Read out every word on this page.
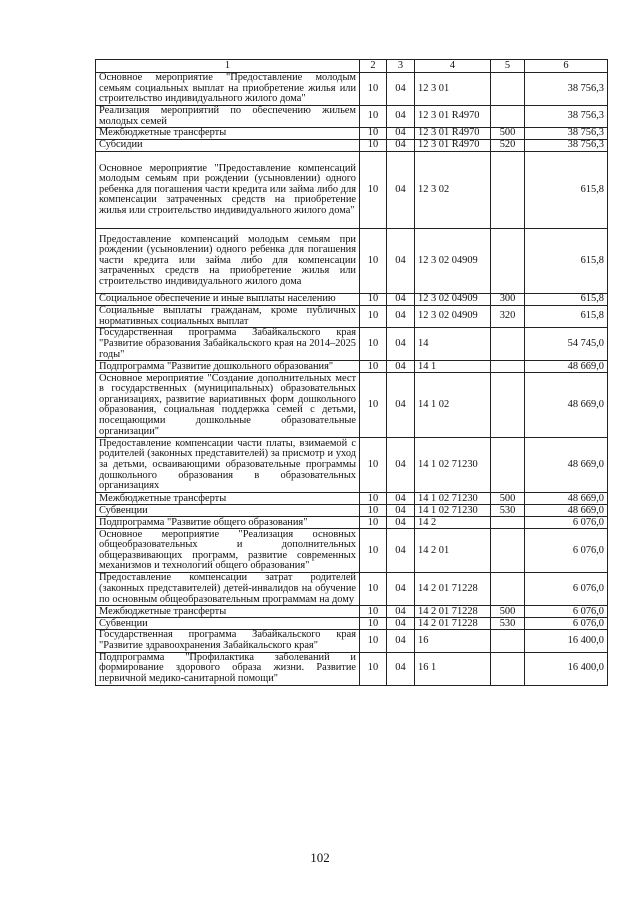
1	2	3	4	5	6
Основное мероприятие "Предоставление молодым семьям социальных выплат на приобретение жилья или строительство индивидуального жилого дома"	10	04	12 3 01		38 756,3
Реализация мероприятий по обеспечению жильем молодых семей	10	04	12 3 01 R4970		38 756,3
Межбюджетные трансферты	10	04	12 3 01 R4970	500	38 756,3
Субсидии	10	04	12 3 01 R4970	520	38 756,3
Основное мероприятие "Предоставление компенсаций молодым семьям при рождении (усыновлении) одного ребенка для погашения части кредита или займа либо для компенсации затраченных средств на приобретение жилья или строительство индивидуального жилого дома"	10	04	12 3 02		615,8
Предоставление компенсаций молодым семьям при рождении (усыновлении) одного ребенка для погашения части кредита или займа либо для компенсации затраченных средств на приобретение жилья или строительство индивидуального жилого дома	10	04	12 3 02 04909		615,8
Социальное обеспечение и иные выплаты населению	10	04	12 3 02 04909	300	615,8
Социальные выплаты гражданам, кроме публичных нормативных социальных выплат	10	04	12 3 02 04909	320	615,8
Государственная программа Забайкальского края "Развитие образования Забайкальского края на 2014–2025 годы"	10	04	14		54 745,0
Подпрограмма "Развитие дошкольного образования"	10	04	14 1		48 669,0
Основное мероприятие "Создание дополнительных мест в государственных (муниципальных) образовательных организациях, развитие вариативных форм дошкольного образования, социальная поддержка семей с детьми, посещающими дошкольные образовательные организации"	10	04	14 1 02		48 669,0
Предоставление компенсации части платы, взимаемой с родителей (законных представителей) за присмотр и уход за детьми, осваивающими образовательные программы дошкольного образования в образовательных организациях	10	04	14 1 02 71230		48 669,0
Межбюджетные трансферты	10	04	14 1 02 71230	500	48 669,0
Субвенции	10	04	14 1 02 71230	530	48 669,0
Подпрограмма "Развитие общего образования"	10	04	14 2		6 076,0
Основное мероприятие "Реализация основных общеобразовательных и дополнительных общеразвивающих программ, развитие современных механизмов и технологий общего образования"	10	04	14 2 01		6 076,0
Предоставление компенсации затрат родителей (законных представителей) детей-инвалидов на обучение по основным общеобразовательным программам на дому	10	04	14 2 01 71228		6 076,0
Межбюджетные трансферты	10	04	14 2 01 71228	500	6 076,0
Субвенции	10	04	14 2 01 71228	530	6 076,0
Государственная программа Забайкальского края "Развитие здравоохранения Забайкальского края"	10	04	16		16 400,0
Подпрограмма "Профилактика заболеваний и формирование здорового образа жизни. Развитие первичной медико-санитарной помощи"	10	04	16 1		16 400,0
102
